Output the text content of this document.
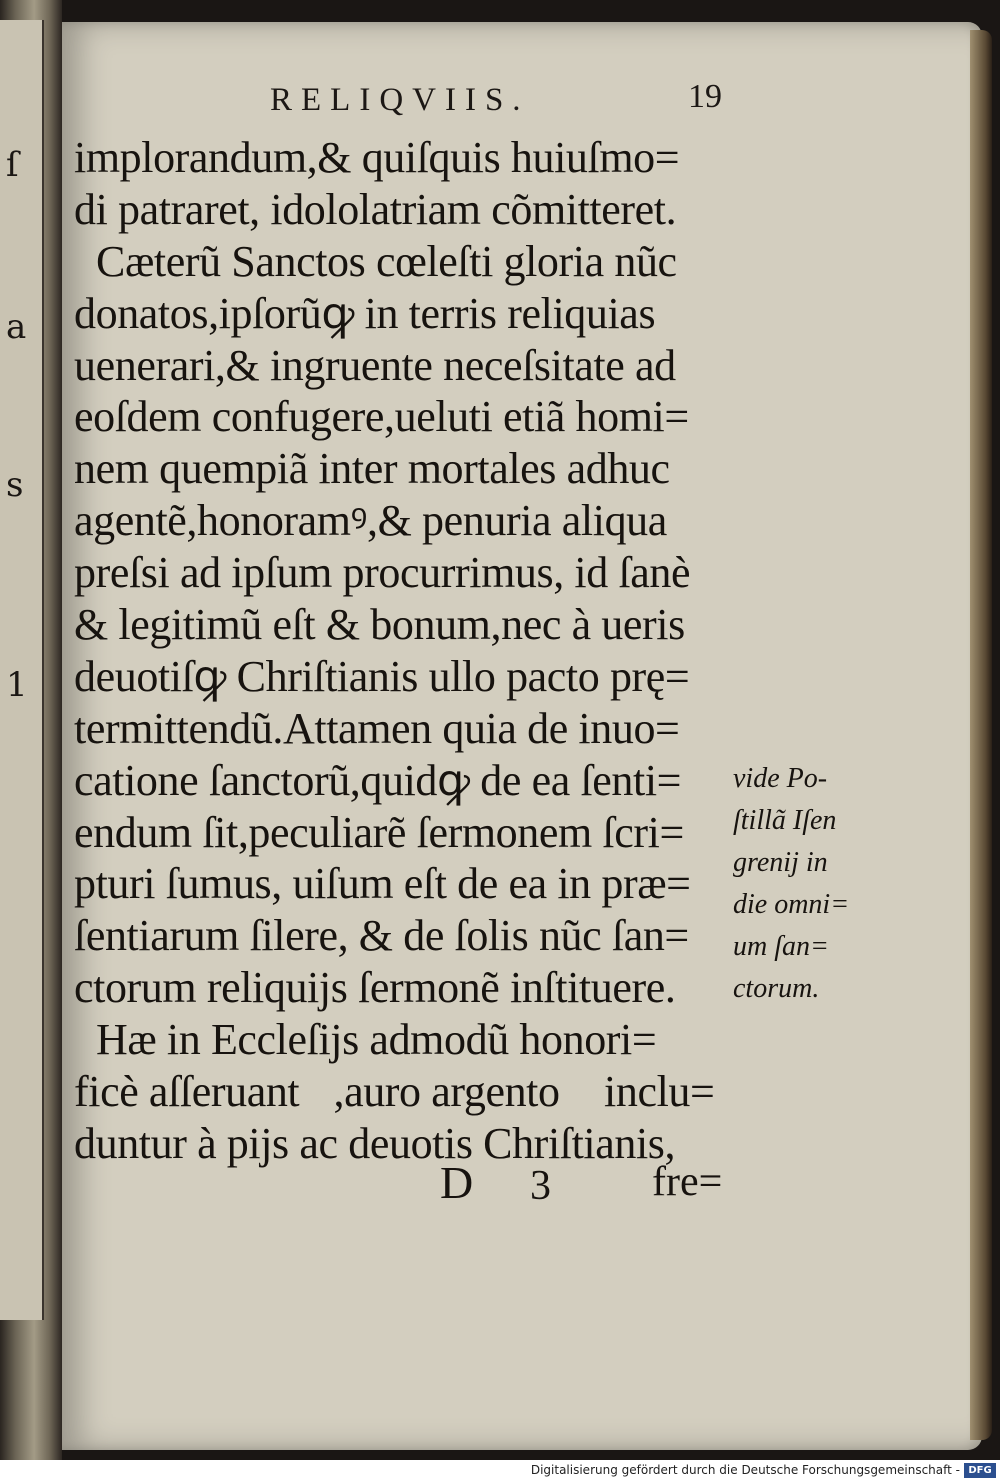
ſ
a
s
1
RELIQVIIS.	19
implorandum,& quiſquis huiuſmo=
di patraret, idololatriam cõmitteret.
Cæterũ Sanctos cœleſti gloria nũc
donatos,ipſorũꝙ in terris reliquias
uenerari,& ingruente neceſsitate ad
eoſdem confugere,ueluti etiã homi=
nem quempiã inter mortales adhuc
agentẽ,honoramꝰ,& penuria aliqua
preſsi ad ipſum procurrimus, id ſanè
& legitimũ eſt & bonum,nec à ueris
deuotiſꝙ Chriſtianis ullo pacto prę=
termittendũ.Attamen quia de inuo=
catione ſanctorũ,quidꝙ de ea ſenti=
endum ſit,peculiarẽ ſermonem ſcri=
pturi ſumus, uiſum eſt de ea in præ=
ſentiarum ſilere, & de ſolis nũc ſan=
ctorum reliquijs ſermonẽ inſtituere.
Hæ in Eccleſijs admodũ honori=
ficè aſſeruantᷓ,auro argentoꝙ inclu=
duntur à pijs ac deuotis Chriſtianis,
vide Po-
ſtillã Iſen
grenij in
die omni=
um ſan=
ctorum.
D 3 fre=
Digitalisierung gefördert durch die Deutsche Forschungsgemeinschaft - DFG
